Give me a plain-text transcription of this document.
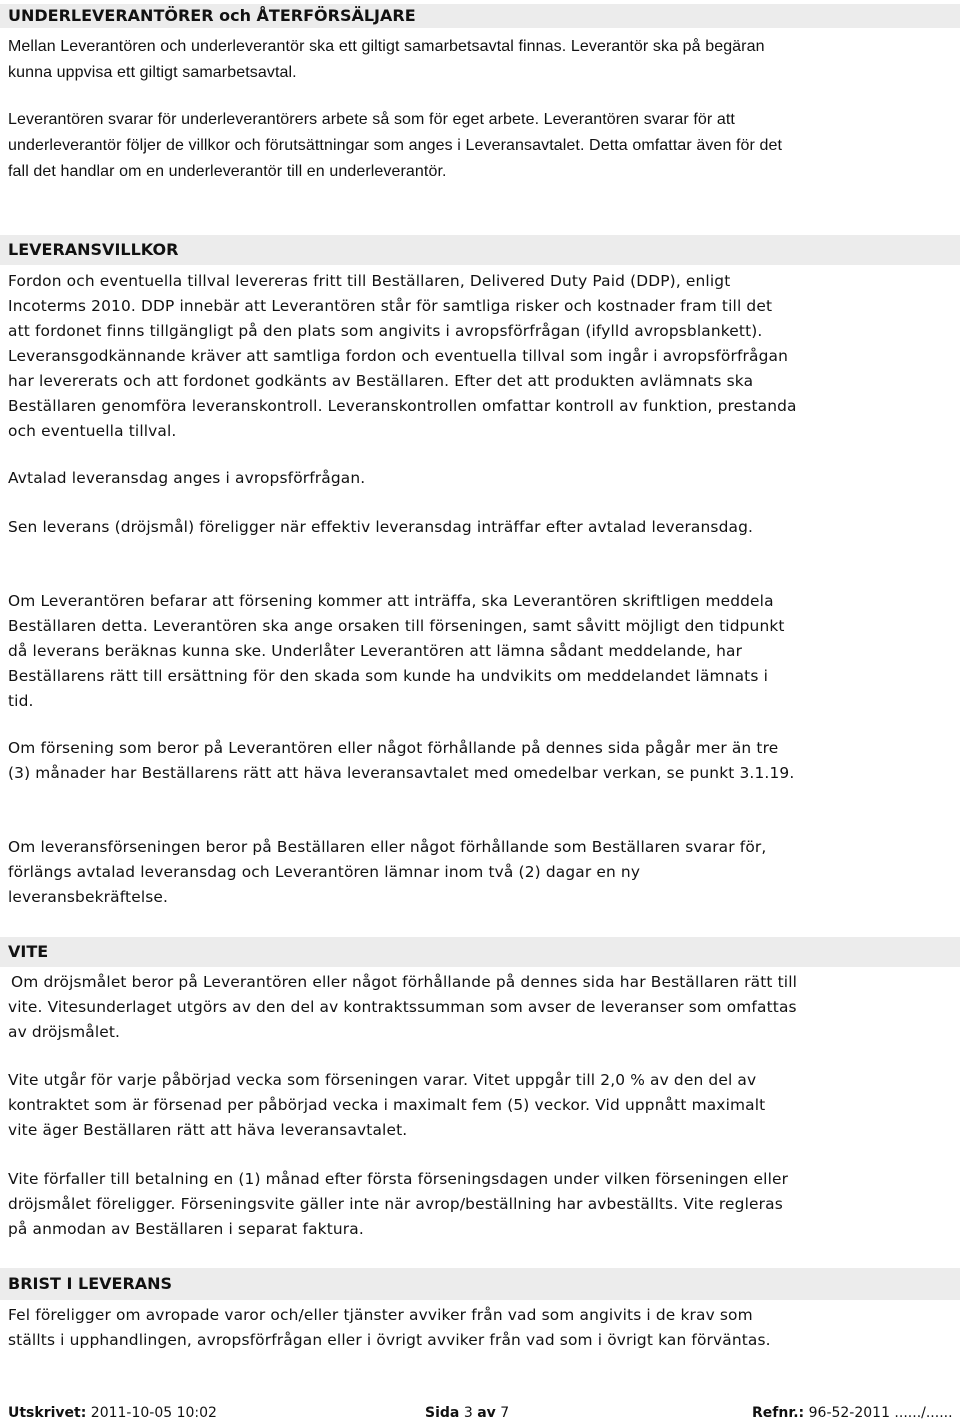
UNDERLEVERANTÖRER och ÅTERFÖRSÄLJARE

Mellan Leverantören och underleverantör ska ett giltigt samarbetsavtal finnas. Leverantör ska på begäran kunna uppvisa ett giltigt samarbetsavtal.

Leverantören svarar för underleverantörers arbete så som för eget arbete. Leverantören svarar för att underleverantör följer de villkor och förutsättningar som anges i Leveransavtalet. Detta omfattar även för det fall det handlar om en underleverantör till en underleverantör.

LEVERANSVILLKOR

Fordon och eventuella tillval levereras fritt till Beställaren, Delivered Duty Paid (DDP), enligt Incoterms 2010. DDP innebär att Leverantören står för samtliga risker och kostnader fram till det att fordonet finns tillgängligt på den plats som angivits i avropsförfrågan (ifylld avropsblankett). Leveransgodkännande kräver att samtliga fordon och eventuella tillval som ingår i avropsförfrågan har levererats och att fordonet godkänts av Beställaren. Efter det att produkten avlämnats ska Beställaren genomföra leveranskontroll. Leveranskontrollen omfattar kontroll av funktion, prestanda och eventuella tillval.

Avtalad leveransdag anges i avropsförfrågan.

Sen leverans (dröjsmål) föreligger när effektiv leveransdag inträffar efter avtalad leveransdag.

Om Leverantören befarar att försening kommer att inträffa, ska Leverantören skriftligen meddela Beställaren detta. Leverantören ska ange orsaken till förseningen, samt såvitt möjligt den tidpunkt då leverans beräknas kunna ske. Underlåter Leverantören att lämna sådant meddelande, har Beställarens rätt till ersättning för den skada som kunde ha undvikits om meddelandet lämnats i tid.

Om försening som beror på Leverantören eller något förhållande på dennes sida pågår mer än tre (3) månader har Beställarens rätt att häva leveransavtalet med omedelbar verkan, se punkt 3.1.19.

Om leveransförseningen beror på Beställaren eller något förhållande som Beställaren svarar för, förlängs avtalad leveransdag och Leverantören lämnar inom två (2) dagar en ny leveransbekräftelse.

VITE

Om dröjsmålet beror på Leverantören eller något förhållande på dennes sida har Beställaren rätt till vite. Vitesunderlaget utgörs av den del av kontraktssumman som avser de leveranser som omfattas av dröjsmålet.

Vite utgår för varje påbörjad vecka som förseningen varar. Vitet uppgår till 2,0 % av den del av kontraktet som är försenad per påbörjad vecka i maximalt fem (5) veckor. Vid uppnått maximalt vite äger Beställaren rätt att häva leveransavtalet.

Vite förfaller till betalning en (1) månad efter första förseningsdagen under vilken förseningen eller dröjsmålet föreligger. Förseningsvite gäller inte när avrop/beställning har avbeställts. Vite regleras på anmodan av Beställaren i separat faktura.

BRIST I LEVERANS

Fel föreligger om avropade varor och/eller tjänster avviker från vad som angivits i de krav som ställts i upphandlingen, avropsförfrågan eller i övrigt avviker från vad som i övrigt kan förväntas.

Utskrivet: 2011-10-05 10:02	Sida 3 av 7	Refnr.: 96-52-2011 ....../......
